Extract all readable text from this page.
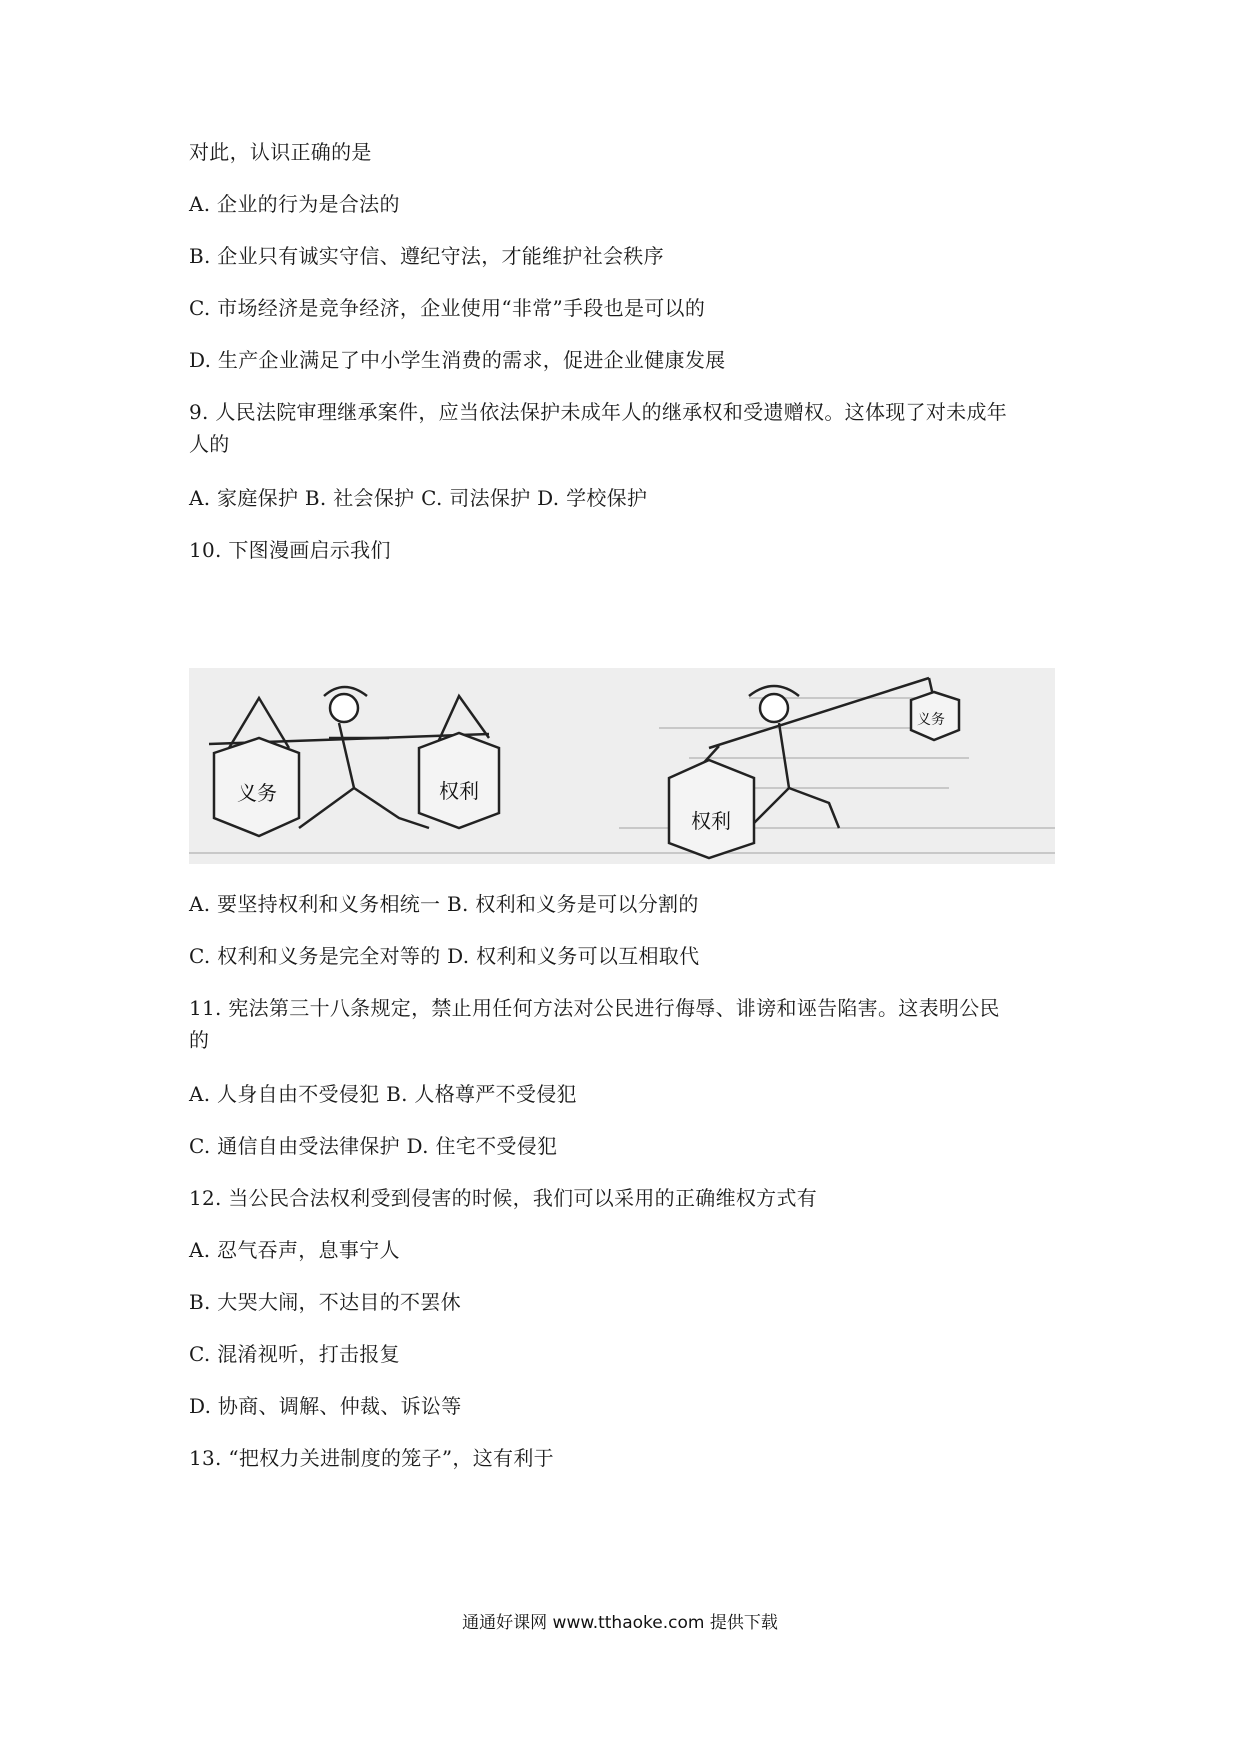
对此，认识正确的是
A. 企业的行为是合法的
B. 企业只有诚实守信、遵纪守法，才能维护社会秩序
C. 市场经济是竞争经济，企业使用“非常”手段也是可以的
D. 生产企业满足了中小学生消费的需求，促进企业健康发展
9. 人民法院审理继承案件，应当依法保护未成年人的继承权和受遗赠权。这体现了对未成年
人的
A. 家庭保护 B. 社会保护 C. 司法保护 D. 学校保护
10. 下图漫画启示我们
义务	权利
权利
义务
A. 要坚持权利和义务相统一 B. 权利和义务是可以分割的
C. 权利和义务是完全对等的 D. 权利和义务可以互相取代
11. 宪法第三十八条规定，禁止用任何方法对公民进行侮辱、诽谤和诬告陷害。这表明公民
的
A. 人身自由不受侵犯 B. 人格尊严不受侵犯
C. 通信自由受法律保护 D. 住宅不受侵犯
12. 当公民合法权利受到侵害的时候，我们可以采用的正确维权方式有
A. 忍气吞声，息事宁人
B. 大哭大闹，不达目的不罢休
C. 混淆视听，打击报复
D. 协商、调解、仲裁、诉讼等
13. “把权力关进制度的笼子”，这有利于
通通好课网 www.tthaoke.com 提供下载
